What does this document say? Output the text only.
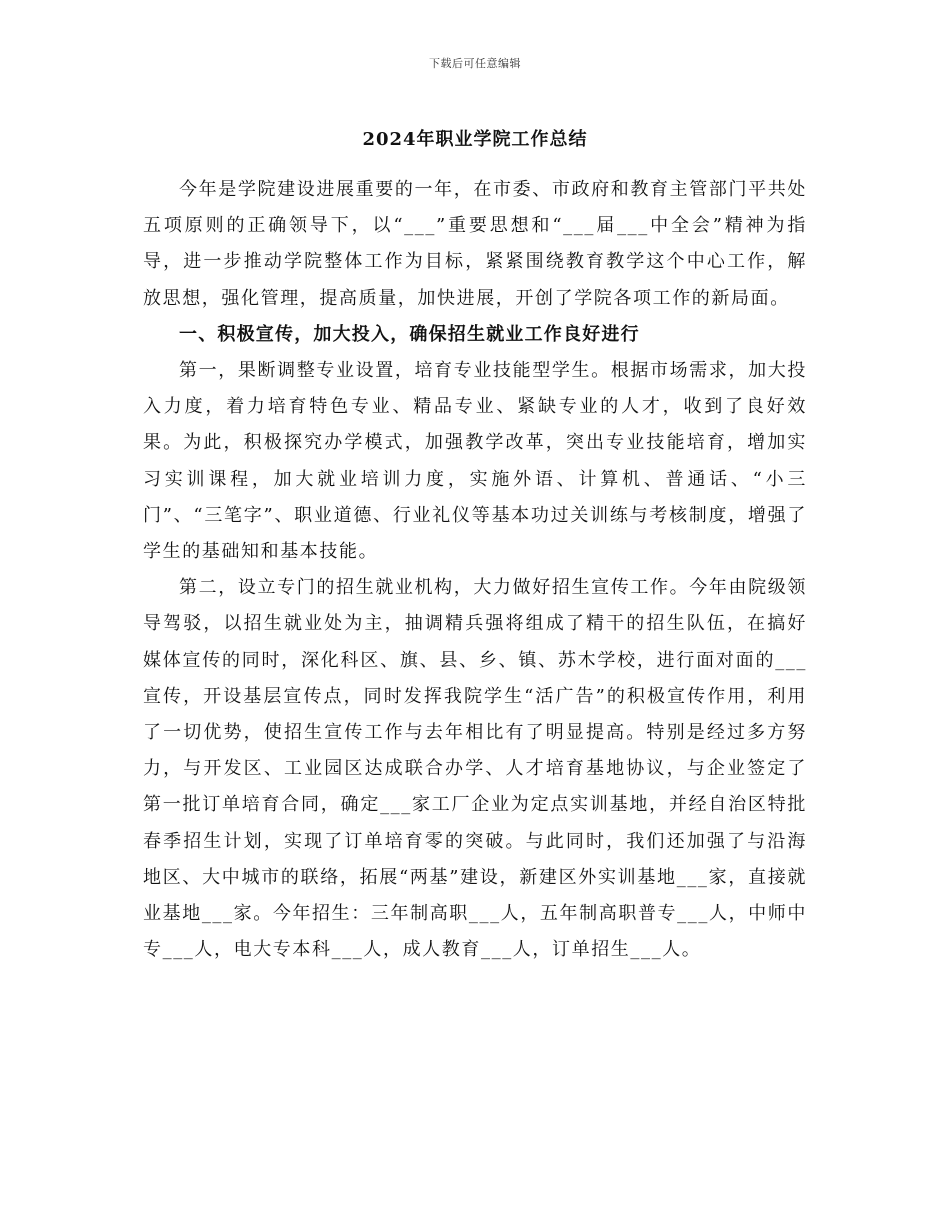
下载后可任意编辑
2024年职业学院工作总结

今年是学院建设进展重要的一年，在市委、市政府和教育主管部门平共处五项原则的正确领导下，以“___”重要思想和“___届___中全会”精神为指导，进一步推动学院整体工作为目标，紧紧围绕教育教学这个中心工作，解放思想，强化管理，提高质量，加快进展，开创了学院各项工作的新局面。

一、积极宣传，加大投入，确保招生就业工作良好进行

第一，果断调整专业设置，培育专业技能型学生。根据市场需求，加大投入力度，着力培育特色专业、精品专业、紧缺专业的人才，收到了良好效果。为此，积极探究办学模式，加强教学改革，突出专业技能培育，增加实习实训课程，加大就业培训力度，实施外语、计算机、普通话、“小三门”、“三笔字”、职业道德、行业礼仪等基本功过关训练与考核制度，增强了学生的基础知和基本技能。

第二，设立专门的招生就业机构，大力做好招生宣传工作。今年由院级领导驾驳，以招生就业处为主，抽调精兵强将组成了精干的招生队伍，在搞好媒体宣传的同时，深化科区、旗、县、乡、镇、苏木学校，进行面对面的___宣传，开设基层宣传点，同时发挥我院学生“活广告”的积极宣传作用，利用了一切优势，使招生宣传工作与去年相比有了明显提高。特别是经过多方努力，与开发区、工业园区达成联合办学、人才培育基地协议，与企业签定了第一批订单培育合同，确定___家工厂企业为定点实训基地，并经自治区特批春季招生计划，实现了订单培育零的突破。与此同时，我们还加强了与沿海地区、大中城市的联络，拓展“两基”建设，新建区外实训基地___家，直接就业基地___家。今年招生：三年制高职___人，五年制高职普专___人，中师中专___人，电大专本科___人，成人教育___人，订单招生___人。
